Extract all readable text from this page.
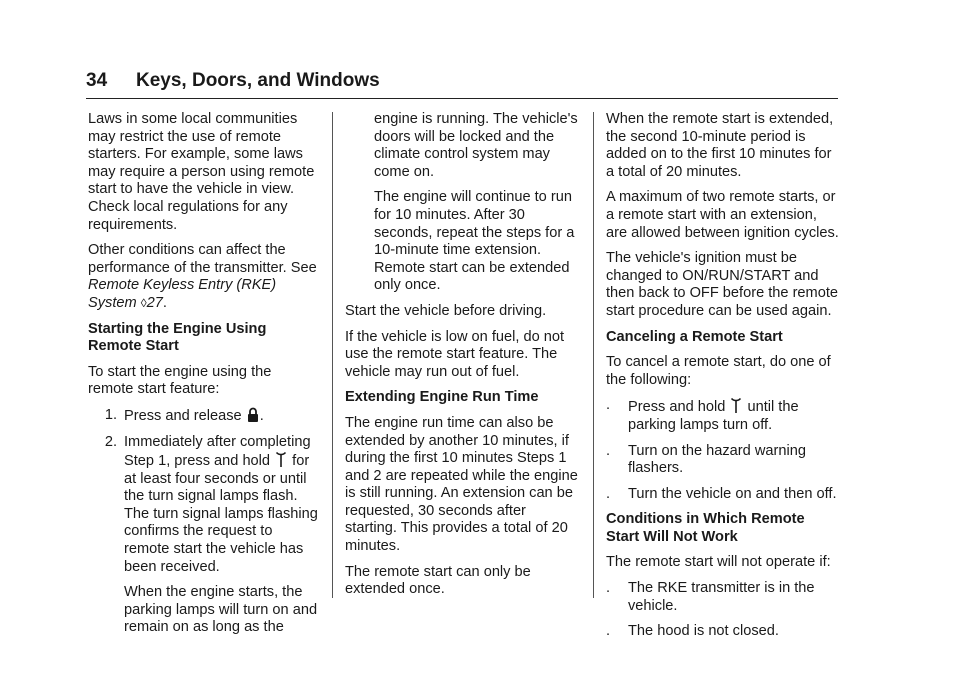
34	Keys, Doors, and Windows

Laws in some local communities may restrict the use of remote starters. For example, some laws may require a person using remote start to have the vehicle in view. Check local regulations for any requirements.

Other conditions can affect the performance of the transmitter. See Remote Keyless Entry (RKE) System ◊27.

Starting the Engine Using Remote Start

To start the engine using the remote start feature:

1. Press and release .
2. Immediately after completing Step 1, press and hold for at least four seconds or until the turn signal lamps flash. The turn signal lamps flashing confirms the request to remote start the vehicle has been received.

When the engine starts, the parking lamps will turn on and remain on as long as the

engine is running. The vehicle's doors will be locked and the climate control system may come on.

The engine will continue to run for 10 minutes. After 30 seconds, repeat the steps for a 10-minute time extension. Remote start can be extended only once.

Start the vehicle before driving.

If the vehicle is low on fuel, do not use the remote start feature. The vehicle may run out of fuel.

Extending Engine Run Time

The engine run time can also be extended by another 10 minutes, if during the first 10 minutes Steps 1 and 2 are repeated while the engine is still running. An extension can be requested, 30 seconds after starting. This provides a total of 20 minutes.

The remote start can only be extended once.

When the remote start is extended, the second 10-minute period is added on to the first 10 minutes for a total of 20 minutes.

A maximum of two remote starts, or a remote start with an extension, are allowed between ignition cycles.

The vehicle's ignition must be changed to ON/RUN/START and then back to OFF before the remote start procedure can be used again.

Canceling a Remote Start

To cancel a remote start, do one of the following:

.	Press and hold until the parking lamps turn off.
.	Turn on the hazard warning flashers.
.	Turn the vehicle on and then off.

Conditions in Which Remote Start Will Not Work

The remote start will not operate if:

.	The RKE transmitter is in the vehicle.
.	The hood is not closed.
